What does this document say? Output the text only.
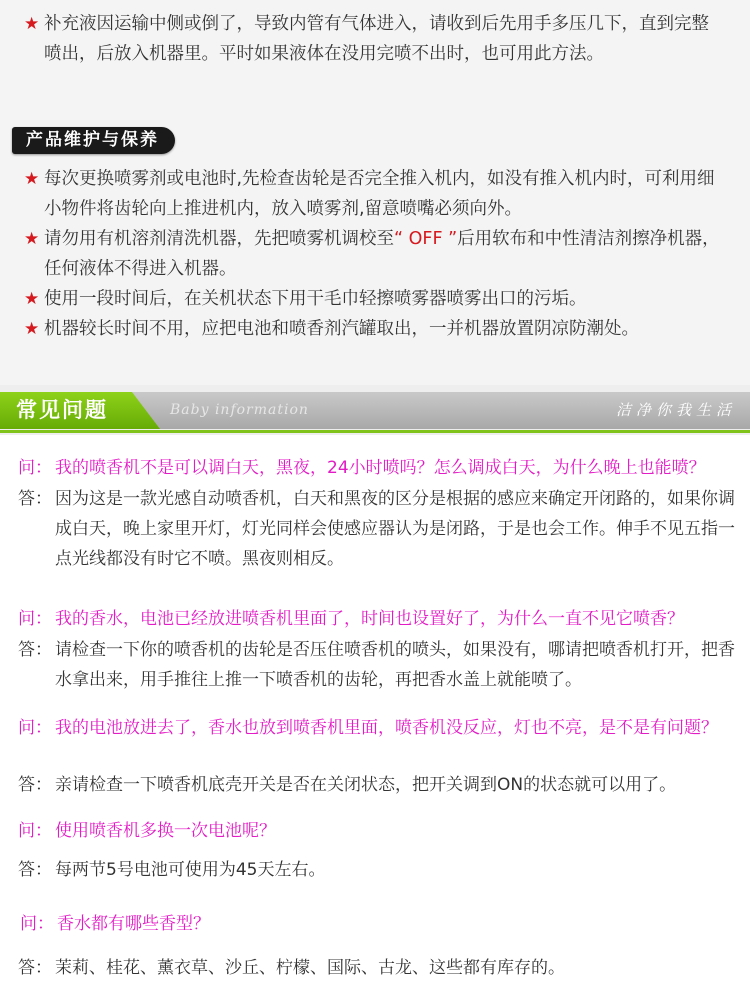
★ 补充液因运输中侧或倒了，导致内管有气体进入，请收到后先用手多压几下，直到完整喷出，后放入机器里。平时如果液体在没用完喷不出时，也可用此方法。
产品维护与保养
★ 每次更换喷雾剂或电池时,先检查齿轮是否完全推入机内，如没有推入机内时，可利用细小物件将齿轮向上推进机内，放入喷雾剂,留意喷嘴必须向外。
★ 请勿用有机溶剂清洗机器，先把喷雾机调校至“ OFF ”后用软布和中性清洁剂擦净机器，任何液体不得进入机器。
★ 使用一段时间后，在关机状态下用干毛巾轻擦喷雾器喷雾出口的污垢。
★ 机器较长时间不用，应把电池和喷香剂汽罐取出，一并机器放置阴凉防潮处。
常见问题	Baby information	洁净你我生活
问： 我的喷香机不是可以调白天，黑夜，24小时喷吗？怎么调成白天，为什么晚上也能喷？
答： 因为这是一款光感自动喷香机，白天和黑夜的区分是根据的感应来确定开闭路的，如果你调成白天，晚上家里开灯，灯光同样会使感应器认为是闭路，于是也会工作。伸手不见五指一点光线都没有时它不喷。黑夜则相反。
问： 我的香水，电池已经放进喷香机里面了，时间也设置好了，为什么一直不见它喷香？
答： 请检查一下你的喷香机的齿轮是否压住喷香机的喷头，如果没有，哪请把喷香机打开，把香水拿出来，用手推往上推一下喷香机的齿轮，再把香水盖上就能喷了。
问： 我的电池放进去了，香水也放到喷香机里面，喷香机没反应，灯也不亮，是不是有问题？
答： 亲请检查一下喷香机底壳开关是否在关闭状态，把开关调到ON的状态就可以用了。
问： 使用喷香机多换一次电池呢？
答： 每两节5号电池可使用为45天左右。
问： 香水都有哪些香型？
答： 茉莉、桂花、薰衣草、沙丘、柠檬、国际、古龙、这些都有库存的。
